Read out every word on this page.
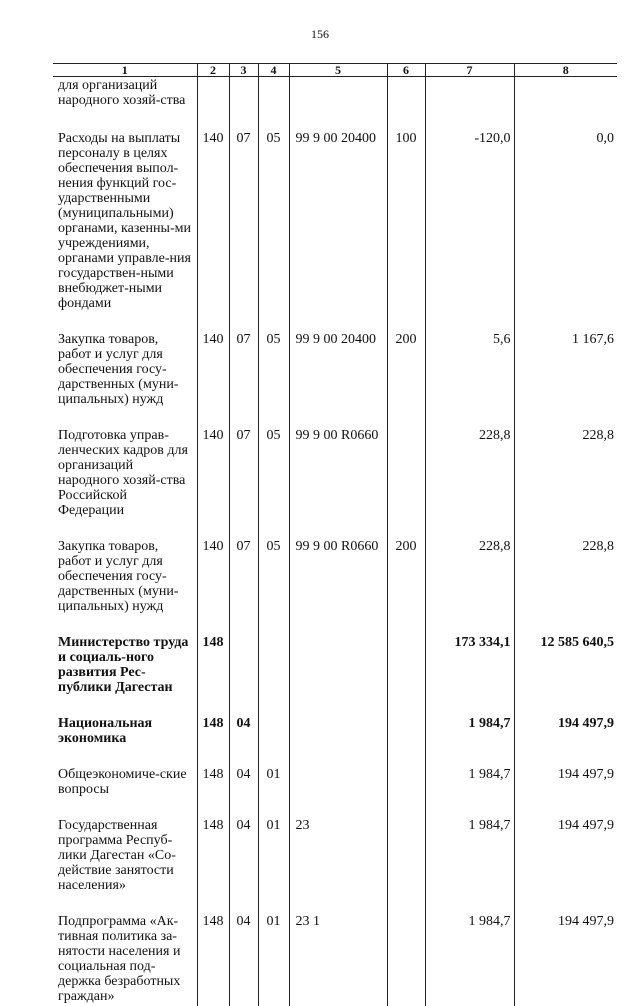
156
1	2	3	4	5	6	7	8
для организаций народного хозяй-ства							
Расходы на выплаты персоналу в целях обеспечения выпол-нения функций гос-ударственными (муниципальными) органами, казенны-ми учреждениями, органами управле-ния государствен-ными внебюджет-ными фондами	140	07	05	99 9 00 20400	100	-120,0	0,0
Закупка товаров, работ и услуг для обеспечения госу-дарственных (муни-ципальных) нужд	140	07	05	99 9 00 20400	200	5,6	1 167,6
Подготовка управ-ленческих кадров для организаций народного хозяй-ства Российской Федерации	140	07	05	99 9 00 R0660		228,8	228,8
Закупка товаров, работ и услуг для обеспечения госу-дарственных (муни-ципальных) нужд	140	07	05	99 9 00 R0660	200	228,8	228,8
Министерство труда и социаль-ного развития Рес-публики Дагестан	148					173 334,1	12 585 640,5
Национальная экономика	148	04				1 984,7	194 497,9
Общеэкономиче-ские вопросы	148	04	01			1 984,7	194 497,9
Государственная программа Респуб-лики Дагестан «Со-действие занятости населения»	148	04	01	23		1 984,7	194 497,9
Подпрограмма «Ак-тивная политика за-нятости населения и социальная под-держка безработных граждан»	148	04	01	23 1		1 984,7	194 497,9
